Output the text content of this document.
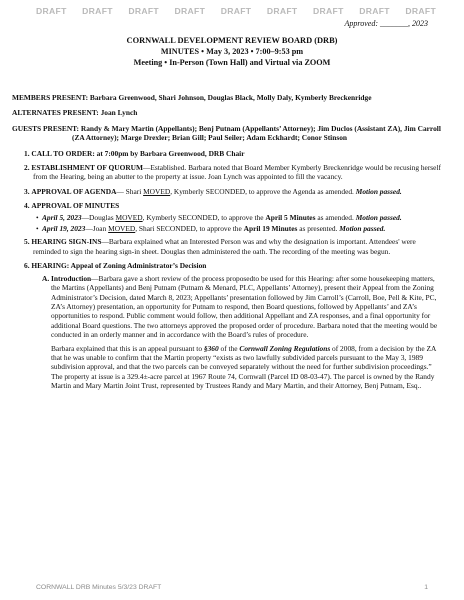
DRAFT DRAFT DRAFT DRAFT DRAFT DRAFT DRAFT DRAFT DRAFT
Approved: _______, 2023
CORNWALL DEVELOPMENT REVIEW BOARD (DRB)
MINUTES • May 3, 2023 • 7:00–9:53 pm
Meeting • In-Person (Town Hall) and Virtual via ZOOM

MEMBERS PRESENT: Barbara Greenwood, Shari Johnson, Douglas Black, Molly Daly, Kymberly Breckenridge

ALTERNATES PRESENT: Joan Lynch

GUESTS PRESENT: Randy & Mary Martin (Appellants); Benj Putnam (Appellants’ Attorney); Jim Duclos (Assistant ZA), Jim Carroll (ZA Attorney); Marge Drexler; Brian Gill; Paul Seiler; Adam Eckhardt; Conor Stinson

1. CALL TO ORDER: at 7:00pm by Barbara Greenwood, DRB Chair
2. ESTABLISHMENT OF QUORUM—Established. Barbara noted that Board Member Kymberly Breckenridge would be recusing herself from the Hearing, being an abutter to the property at issue. Joan Lynch was appointed to fill the vacancy.
3. APPROVAL OF AGENDA— Shari MOVED, Kymberly SECONDED, to approve the Agenda as amended. Motion passed.
4. APPROVAL OF MINUTES
• April 5, 2023—Douglas MOVED, Kymberly SECONDED, to approve the April 5 Minutes as amended. Motion passed.
• April 19, 2023—Joan MOVED, Shari SECONDED, to approve the April 19 Minutes as presented. Motion passed.
5. HEARING SIGN-INS—Barbara explained what an Interested Person was and why the designation is important. Attendees' were reminded to sign the hearing sign-in sheet. Douglas then administered the oath. The recording of the meeting was begun.
6. HEARING: Appeal of Zoning Administrator’s Decision

A. Introduction—Barbara gave a short review of the process proposedto be used for this Hearing: after some housekeeping matters, the Martins (Appellants) and Benj Putnam (Putnam & Menard, PLC, Appellants’ Attorney), present their Appeal from the Zoning Administrator’s Decision, dated March 8, 2023; Appellants’ presentation followed by Jim Carroll’s (Carroll, Boe, Pell & Kite, PC, ZA’s Attorney) presentation, an opportunity for Putnam to respond, then Board questions, followed by Appellants’ and ZA’s opportunities to respond. Public comment would follow, then additional Appellant and ZA responses, and a final opportunity for additional Board questions. The two attorneys approved the proposed order of procedure. Barbara noted that the meeting would be conducted in an orderly manner and in accordance with the Board’s rules of procedure.

Barbara explained that this is an appeal pursuant to §360 of the Cornwall Zoning Regulations of 2008, from a decision by the ZA that he was unable to confirm that the Martin property “exists as two lawfully subdivided parcels pursuant to the May 3, 1989 subdivision approval, and that the two parcels can be conveyed separately without the need for further subdivision proceedings.” The property at issue is a 329.4±-acre parcel at 1967 Route 74, Cornwall (Parcel ID 08-03-47). The parcel is owned by the Randy Martin and Mary Martin Joint Trust, represented by Trustees Randy and Mary Martin, and their Attorney, Benj Putnam, Esq..

CORNWALL DRB Minutes 5/3/23 DRAFT	1
